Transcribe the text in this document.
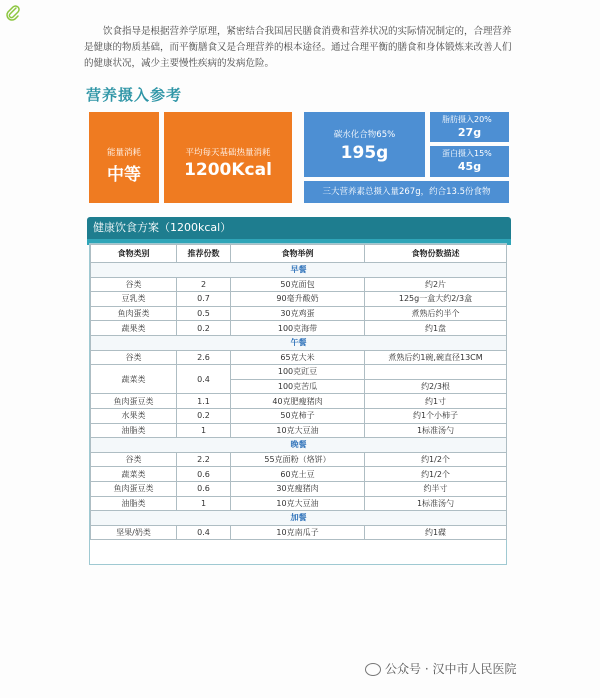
饮食指导是根据营养学原理，紧密结合我国居民膳食消费和营养状况的实际情况制定的，合理营养是健康的物质基础，而平衡膳食又是合理营养的根本途径。通过合理平衡的膳食和身体锻炼来改善人们的健康状况，减少主要慢性疾病的发病危险。

营养摄入参考
能量消耗
中等
平均每天基础热量消耗
1200Kcal
碳水化合物65%
195g
脂肪摄入20%
27g
蛋白摄入15%
45g
三大营养素总摄入量267g，约合13.5份食物
健康饮食方案（1200kcal）
食物类别	推荐份数	食物举例	食物份数描述
早餐			
谷类	2	50克面包	约2片
豆乳类	0.7	90毫升酸奶	125g一盒大约2/3盒
鱼肉蛋类	0.5	30克鸡蛋	煮熟后约半个
蔬果类	0.2	100克海带	约1盘
午餐			
谷类	2.6	65克大米	煮熟后约1碗,碗直径13CM
蔬菜类	0.4	100克豇豆	
		100克苦瓜	约2/3根
鱼肉蛋豆类	1.1	40克肥瘦猪肉	约1寸
水果类	0.2	50克柿子	约1个小柿子
油脂类	1	10克大豆油	1标准汤勺
晚餐			
谷类	2.2	55克面粉（烙饼）	约1/2个
蔬菜类	0.6	60克土豆	约1/2个
鱼肉蛋豆类	0.6	30克瘦猪肉	约半寸
油脂类	1	10克大豆油	1标准汤勺
加餐			
坚果/奶类	0.4	10克南瓜子	约1碟
公众号 · 汉中市人民医院
